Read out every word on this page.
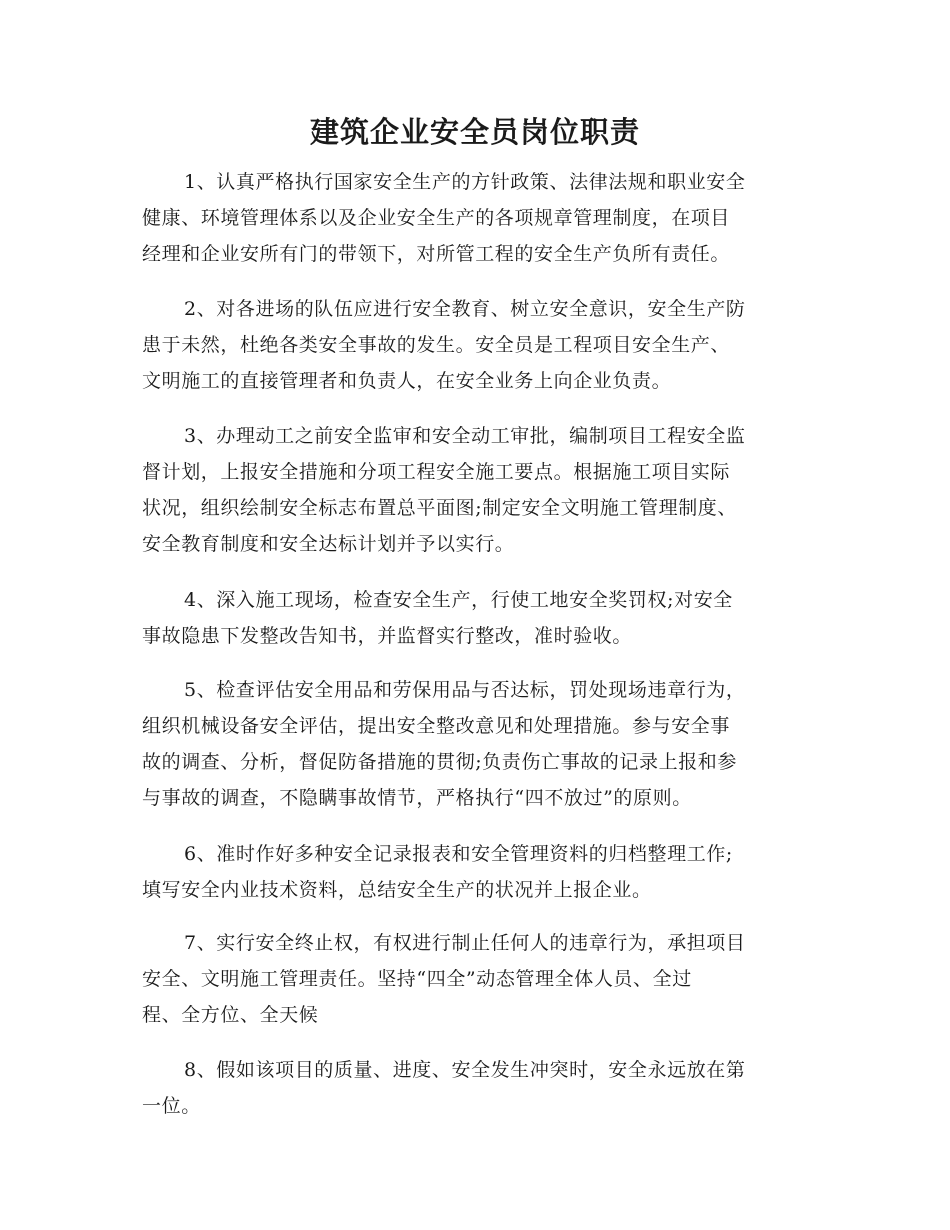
建筑企业安全员岗位职责
1、认真严格执行国家安全生产的方针政策、法律法规和职业安全
健康、环境管理体系以及企业安全生产的各项规章管理制度，在项目
经理和企业安所有门的带领下，对所管工程的安全生产负所有责任。
2、对各进场的队伍应进行安全教育、树立安全意识，安全生产防
患于未然，杜绝各类安全事故的发生。安全员是工程项目安全生产、
文明施工的直接管理者和负责人，在安全业务上向企业负责。
3、办理动工之前安全监审和安全动工审批，编制项目工程安全监
督计划，上报安全措施和分项工程安全施工要点。根据施工项目实际
状况，组织绘制安全标志布置总平面图;制定安全文明施工管理制度、
安全教育制度和安全达标计划并予以实行。
4、深入施工现场，检查安全生产，行使工地安全奖罚权;对安全
事故隐患下发整改告知书，并监督实行整改，准时验收。
5、检查评估安全用品和劳保用品与否达标，罚处现场违章行为，
组织机械设备安全评估，提出安全整改意见和处理措施。参与安全事
故的调查、分析，督促防备措施的贯彻;负责伤亡事故的记录上报和参
与事故的调查，不隐瞒事故情节，严格执行“四不放过”的原则。
6、准时作好多种安全记录报表和安全管理资料的归档整理工作;
填写安全内业技术资料，总结安全生产的状况并上报企业。
7、实行安全终止权，有权进行制止任何人的违章行为，承担项目
安全、文明施工管理责任。坚持“四全”动态管理全体人员、全过
程、全方位、全天候
8、假如该项目的质量、进度、安全发生冲突时，安全永远放在第
一位。
